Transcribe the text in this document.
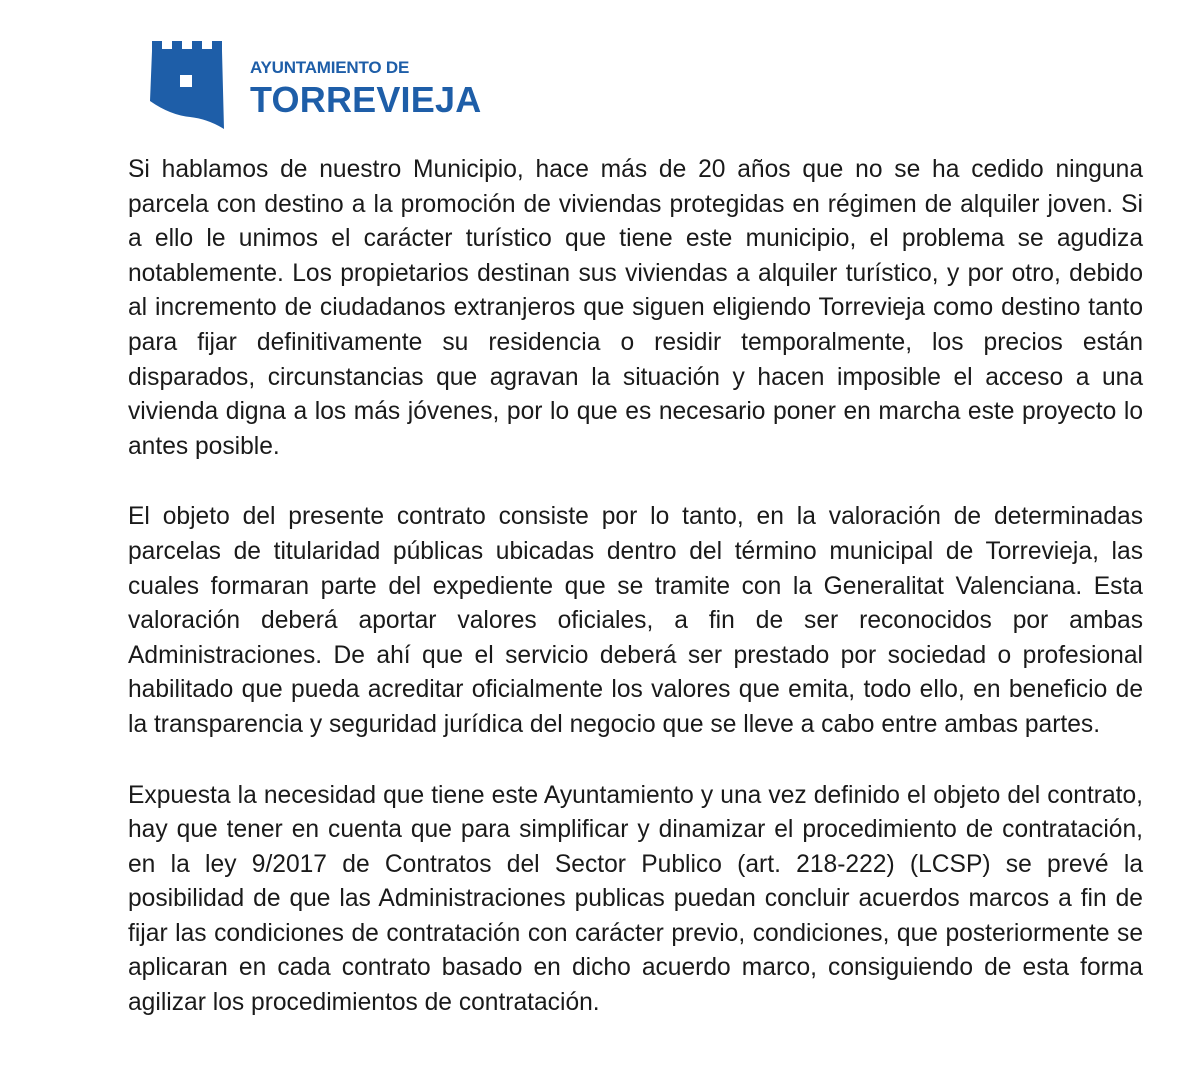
AYUNTAMIENTO DE
TORREVIEJA

Si hablamos de nuestro Municipio, hace más de 20 años que no se ha cedido ninguna parcela con destino a la promoción de viviendas protegidas en régimen de alquiler joven. Si a ello le unimos el carácter turístico que tiene este municipio, el problema se agudiza notablemente. Los propietarios destinan sus viviendas a alquiler turístico, y por otro, debido al incremento de ciudadanos extranjeros que siguen eligiendo Torrevieja como destino tanto para fijar definitivamente su residencia o residir temporalmente, los precios están disparados, circunstancias que agravan la situación y hacen imposible el acceso a una vivienda digna a los más jóvenes, por lo que es necesario poner en marcha este proyecto lo antes posible.

El objeto del presente contrato consiste por lo tanto, en la valoración de determinadas parcelas de titularidad públicas ubicadas dentro del término municipal de Torrevieja, las cuales formaran parte del expediente que se tramite con la Generalitat Valenciana. Esta valoración deberá aportar valores oficiales, a fin de ser reconocidos por ambas Administraciones. De ahí que el servicio deberá ser prestado por sociedad o profesional habilitado que pueda acreditar oficialmente los valores que emita, todo ello, en beneficio de la transparencia y seguridad jurídica del negocio que se lleve a cabo entre ambas partes.

Expuesta la necesidad que tiene este Ayuntamiento y una vez definido el objeto del contrato, hay que tener en cuenta que para simplificar y dinamizar el procedimiento de contratación, en la ley 9/2017 de Contratos del Sector Publico (art. 218-222) (LCSP) se prevé la posibilidad de que las Administraciones publicas puedan concluir acuerdos marcos a fin de fijar las condiciones de contratación con carácter previo, condiciones, que posteriormente se aplicaran en cada contrato basado en dicho acuerdo marco, consiguiendo de esta forma agilizar los procedimientos de contratación.
